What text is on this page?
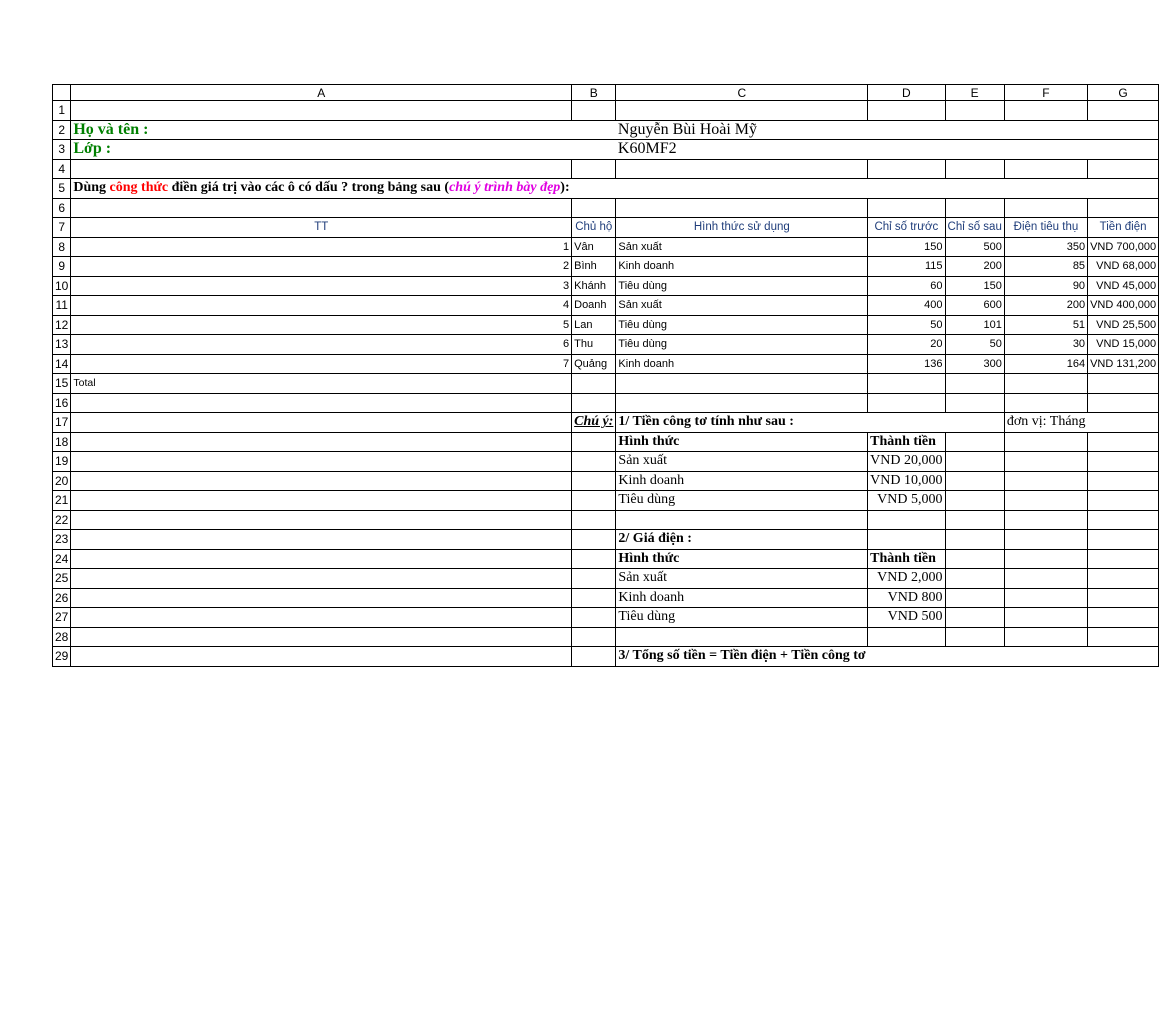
	A	B	C	D	E	F	G
1							
2	Họ và tên :		Nguyễn Bùi Hoài Mỹ				
3	Lớp :		K60MF2				
4							
5	Dùng công thức điền giá trị vào các ô có dấu ? trong bảng sau (chú ý trình bày đẹp):						
6							
7	TT	Chủ hộ	Hình thức sử dụng	Chỉ số trước	Chỉ số sau	Điện tiêu thụ	Tiền điện
8	1	Vân	Sản xuất	150	500	350	VND 700,000
9	2	Bình	Kinh doanh	115	200	85	VND 68,000
10	3	Khánh	Tiêu dùng	60	150	90	VND 45,000
11	4	Doanh	Sản xuất	400	600	200	VND 400,000
12	5	Lan	Tiêu dùng	50	101	51	VND 25,500
13	6	Thu	Tiêu dùng	20	50	30	VND 15,000
14	7	Quảng	Kinh doanh	136	300	164	VND 131,200
15	Total						
16							
17		Chú ý:	1/ Tiền công tơ tính như sau :			đơn vị: Tháng	
18			Hình thức	Thành tiền			
19			Sản xuất	VND 20,000			
20			Kinh doanh	VND 10,000			
21			Tiêu dùng	VND 5,000			
22							
23			2/ Giá điện :				
24			Hình thức	Thành tiền			
25			Sản xuất	VND 2,000			
26			Kinh doanh	VND 800			
27			Tiêu dùng	VND 500			
28							
29			3/ Tổng số tiền = Tiền điện + Tiền công tơ				
